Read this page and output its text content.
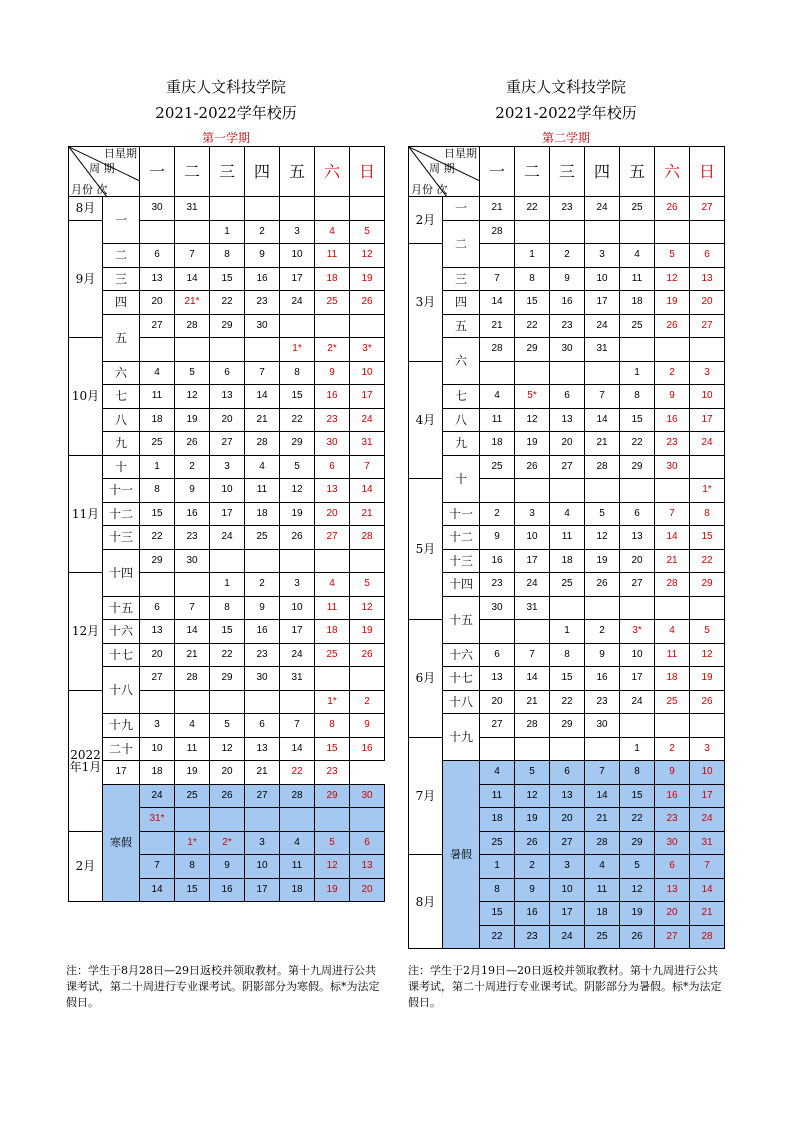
重庆人文科技学院
2021-2022学年校历
第一学期
日星期
周 期
月份 次		一	二	三	四	五	六	日
8月	一	30	31					
9月				1	2	3	4	5
	二	6	7	8	9	10	11	12
	三	13	14	15	16	17	18	19
	四	20	21*	22	23	24	25	26
	五	27	28	29	30			
10月						1*	2*	3*
	六	4	5	6	7	8	9	10
	七	11	12	13	14	15	16	17
	八	18	19	20	21	22	23	24
	九	25	26	27	28	29	30	31
11月	十	1	2	3	4	5	6	7
	十一	8	9	10	11	12	13	14
	十二	15	16	17	18	19	20	21
	十三	22	23	24	25	26	27	28
	十四	29	30					
12月				1	2	3	4	5
	十五	6	7	8	9	10	11	12
	十六	13	14	15	16	17	18	19
	十七	20	21	22	23	24	25	26
	十八	27	28	29	30	31		
2022年1月							1*	2
	十九	3	4	5	6	7	8	9
	二十	10	11	12	13	14	15	16
	17	18	19	20	21	22	23	
	寒假	24	25	26	27	28	29	30
		31*						
2月			1*	2*	3	4	5	6
		7	8	9	10	11	12	13
		14	15	16	17	18	19	20
注：学生于8月28日—29日返校并领取教材。第十九周进行公共课考试，第二十周进行专业课考试。阴影部分为寒假。标*为法定假日。
重庆人文科技学院
2021-2022学年校历
第二学期
日星期
周 期
月份 次		一	二	三	四	五	六	日
2月	一	21	22	23	24	25	26	27
	二	28						
3月			1	2	3	4	5	6
	三	7	8	9	10	11	12	13
	四	14	15	16	17	18	19	20
	五	21	22	23	24	25	26	27
	六	28	29	30	31			
4月						1	2	3
	七	4	5*	6	7	8	9	10
	八	11	12	13	14	15	16	17
	九	18	19	20	21	22	23	24
	十	25	26	27	28	29	30	
5月								1*
	十一	2	3	4	5	6	7	8
	十二	9	10	11	12	13	14	15
	十三	16	17	18	19	20	21	22
	十四	23	24	25	26	27	28	29
	十五	30	31					
6月				1	2	3*	4	5
	十六	6	7	8	9	10	11	12
	十七	13	14	15	16	17	18	19
	十八	20	21	22	23	24	25	26
	十九	27	28	29	30			
7月						1	2	3
	暑假	4	5	6	7	8	9	10
		11	12	13	14	15	16	17
		18	19	20	21	22	23	24
		25	26	27	28	29	30	31
8月		1	2	3	4	5	6	7
		8	9	10	11	12	13	14
		15	16	17	18	19	20	21
		22	23	24	25	26	27	28
注：学生于2月19日—20日返校并领取教材。第十九周进行公共课考试，第二十周进行专业课考试。阴影部分为暑假。标*为法定假日。
